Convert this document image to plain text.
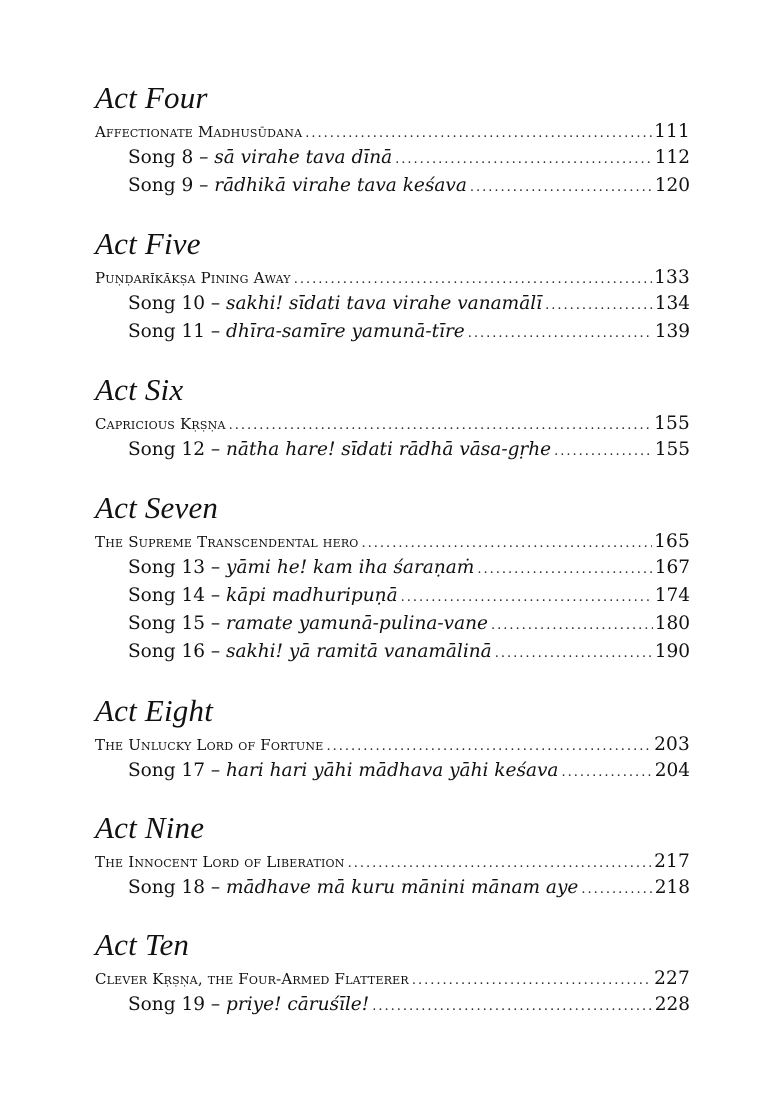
Act Four
Affectionate Madhusūdana .....	111
Song 8 – sā virahe tava dīnā .....	112
Song 9 – rādhikā virahe tava keśava .....	120
Act Five
Puṇḍarīkākṣa Pining Away .....	133
Song 10 – sakhi! sīdati tava virahe vanamālī .....	134
Song 11 – dhīra-samīre yamunā-tīre .....	139
Act Six
Capricious Kṛṣṇa .....	155
Song 12 – nātha hare! sīdati rādhā vāsa-gṛhe .....	155
Act Seven
The Supreme Transcendental hero .....	165
Song 13 – yāmi he! kam iha śaraṇaṁ .....	167
Song 14 – kāpi madhuripuṇā .....	174
Song 15 – ramate yamunā-pulina-vane .....	180
Song 16 – sakhi! yā ramitā vanamālinā .....	190
Act Eight
The Unlucky Lord of Fortune .....	203
Song 17 – hari hari yāhi mādhava yāhi keśava .....	204
Act Nine
The Innocent Lord of Liberation .....	217
Song 18 – mādhave mā kuru mānini mānam aye .....	218
Act Ten
Clever Kṛṣṇa, the Four-Armed Flatterer .....	227
Song 19 – priye! cāruśīle! .....	228
